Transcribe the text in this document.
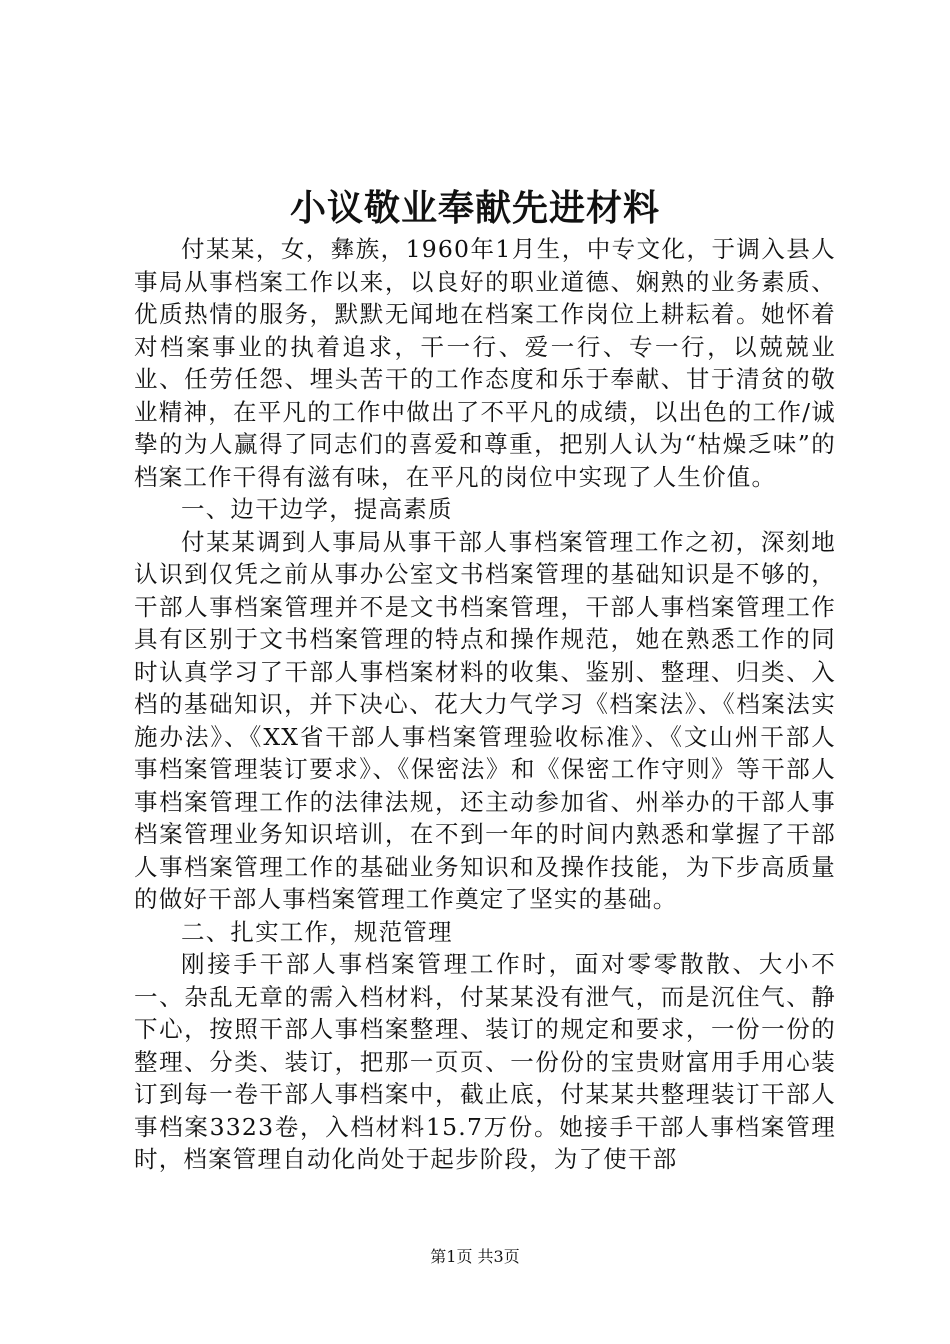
小议敬业奉献先进材料

付某某，女，彝族，1960年1月生，中专文化，于调入县人事局从事档案工作以来，以良好的职业道德、娴熟的业务素质、优质热情的服务，默默无闻地在档案工作岗位上耕耘着。她怀着对档案事业的执着追求，干一行、爱一行、专一行，以兢兢业业、任劳任怨、埋头苦干的工作态度和乐于奉献、甘于清贫的敬业精神，在平凡的工作中做出了不平凡的成绩，以出色的工作/诚挚的为人赢得了同志们的喜爱和尊重，把别人认为“枯燥乏味”的档案工作干得有滋有味，在平凡的岗位中实现了人生价值。

一、边干边学，提高素质

付某某调到人事局从事干部人事档案管理工作之初，深刻地认识到仅凭之前从事办公室文书档案管理的基础知识是不够的，干部人事档案管理并不是文书档案管理，干部人事档案管理工作具有区别于文书档案管理的特点和操作规范，她在熟悉工作的同时认真学习了干部人事档案材料的收集、鉴别、整理、归类、入档的基础知识，并下决心、花大力气学习《档案法》、《档案法实施办法》、《XX省干部人事档案管理验收标准》、《文山州干部人事档案管理装订要求》、《保密法》和《保密工作守则》等干部人事档案管理工作的法律法规，还主动参加省、州举办的干部人事档案管理业务知识培训，在不到一年的时间内熟悉和掌握了干部人事档案管理工作的基础业务知识和及操作技能，为下步高质量的做好干部人事档案管理工作奠定了坚实的基础。

二、扎实工作，规范管理

刚接手干部人事档案管理工作时，面对零零散散、大小不一、杂乱无章的需入档材料，付某某没有泄气，而是沉住气、静下心，按照干部人事档案整理、装订的规定和要求，一份一份的整理、分类、装订，把那一页页、一份份的宝贵财富用手用心装订到每一卷干部人事档案中，截止底，付某某共整理装订干部人事档案3323卷，入档材料15.7万份。她接手干部人事档案管理时，档案管理自动化尚处于起步阶段，为了使干部

第1页 共3页
